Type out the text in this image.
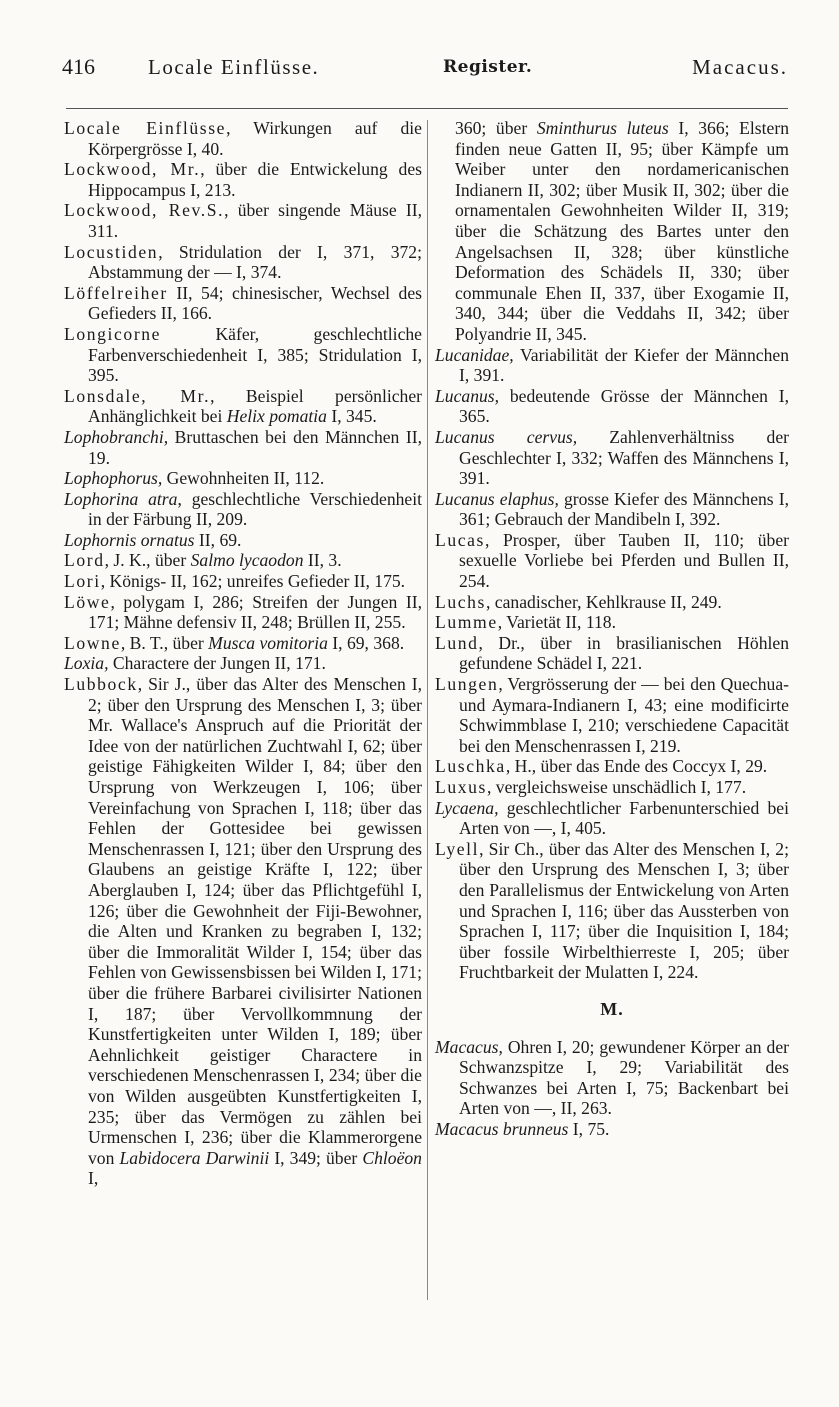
416	Locale Einflüsse.	Register.	Macacus.

Locale Einflüsse, Wirkungen auf die Körpergrösse I, 40.

Lockwood, Mr., über die Entwickelung des Hippocampus I, 213.

Lockwood, Rev.S., über singende Mäuse II, 311.

Locustiden, Stridulation der I, 371, 372; Abstammung der — I, 374.

Löffelreiher II, 54; chinesischer, Wechsel des Gefieders II, 166.

Longicorne Käfer, geschlechtliche Farbenverschiedenheit I, 385; Stridulation I, 395.

Lonsdale, Mr., Beispiel persönlicher Anhänglichkeit bei Helix pomatia I, 345.

Lophobranchi, Bruttaschen bei den Männchen II, 19.

Lophophorus, Gewohnheiten II, 112.

Lophorina atra, geschlechtliche Verschiedenheit in der Färbung II, 209.

Lophornis ornatus II, 69.

Lord, J. K., über Salmo lycaodon II, 3.

Lori, Königs- II, 162; unreifes Gefieder II, 175.

Löwe, polygam I, 286; Streifen der Jungen II, 171; Mähne defensiv II, 248; Brüllen II, 255.

Lowne, B. T., über Musca vomitoria I, 69, 368.

Loxia, Charactere der Jungen II, 171.

Lubbock, Sir J., über das Alter des Menschen I, 2; über den Ursprung des Menschen I, 3; über Mr. Wallace's Anspruch auf die Priorität der Idee von der natürlichen Zuchtwahl I, 62; über geistige Fähigkeiten Wilder I, 84; über den Ursprung von Werkzeugen I, 106; über Vereinfachung von Sprachen I, 118; über das Fehlen der Gottesidee bei gewissen Menschenrassen I, 121; über den Ursprung des Glaubens an geistige Kräfte I, 122; über Aberglauben I, 124; über das Pflichtgefühl I, 126; über die Gewohnheit der Fiji-Bewohner, die Alten und Kranken zu begraben I, 132; über die Immoralität Wilder I, 154; über das Fehlen von Gewissensbissen bei Wilden I, 171; über die frühere Barbarei civilisirter Nationen I, 187; über Vervollkommnung der Kunstfertigkeiten unter Wilden I, 189; über Aehnlichkeit geistiger Charactere in verschiedenen Menschenrassen I, 234; über die von Wilden ausgeübten Kunstfertigkeiten I, 235; über das Vermögen zu zählen bei Urmenschen I, 236; über die Klammerorgene von Labidocera Darwinii I, 349; über Chloëon I,

360; über Sminthurus luteus I, 366; Elstern finden neue Gatten II, 95; über Kämpfe um Weiber unter den nordamericanischen Indianern II, 302; über Musik II, 302; über die ornamentalen Gewohnheiten Wilder II, 319; über die Schätzung des Bartes unter den Angelsachsen II, 328; über künstliche Deformation des Schädels II, 330; über communale Ehen II, 337, über Exogamie II, 340, 344; über die Veddahs II, 342; über Polyandrie II, 345.

Lucanidae, Variabilität der Kiefer der Männchen I, 391.

Lucanus, bedeutende Grösse der Männchen I, 365.

Lucanus cervus, Zahlenverhältniss der Geschlechter I, 332; Waffen des Männchens I, 391.

Lucanus elaphus, grosse Kiefer des Männchens I, 361; Gebrauch der Mandibeln I, 392.

Lucas, Prosper, über Tauben II, 110; über sexuelle Vorliebe bei Pferden und Bullen II, 254.

Luchs, canadischer, Kehlkrause II, 249.

Lumme, Varietät II, 118.

Lund, Dr., über in brasilianischen Höhlen gefundene Schädel I, 221.

Lungen, Vergrösserung der — bei den Quechua- und Aymara-Indianern I, 43; eine modificirte Schwimmblase I, 210; verschiedene Capacität bei den Menschenrassen I, 219.

Luschka, H., über das Ende des Coccyx I, 29.

Luxus, vergleichsweise unschädlich I, 177.

Lycaena, geschlechtlicher Farbenunterschied bei Arten von —, I, 405.

Lyell, Sir Ch., über das Alter des Menschen I, 2; über den Ursprung des Menschen I, 3; über den Parallelismus der Entwickelung von Arten und Sprachen I, 116; über das Aussterben von Sprachen I, 117; über die Inquisition I, 184; über fossile Wirbelthierreste I, 205; über Fruchtbarkeit der Mulatten I, 224.

M.

Macacus, Ohren I, 20; gewundener Körper an der Schwanzspitze I, 29; Variabilität des Schwanzes bei Arten I, 75; Backenbart bei Arten von —, II, 263.

Macacus brunneus I, 75.
